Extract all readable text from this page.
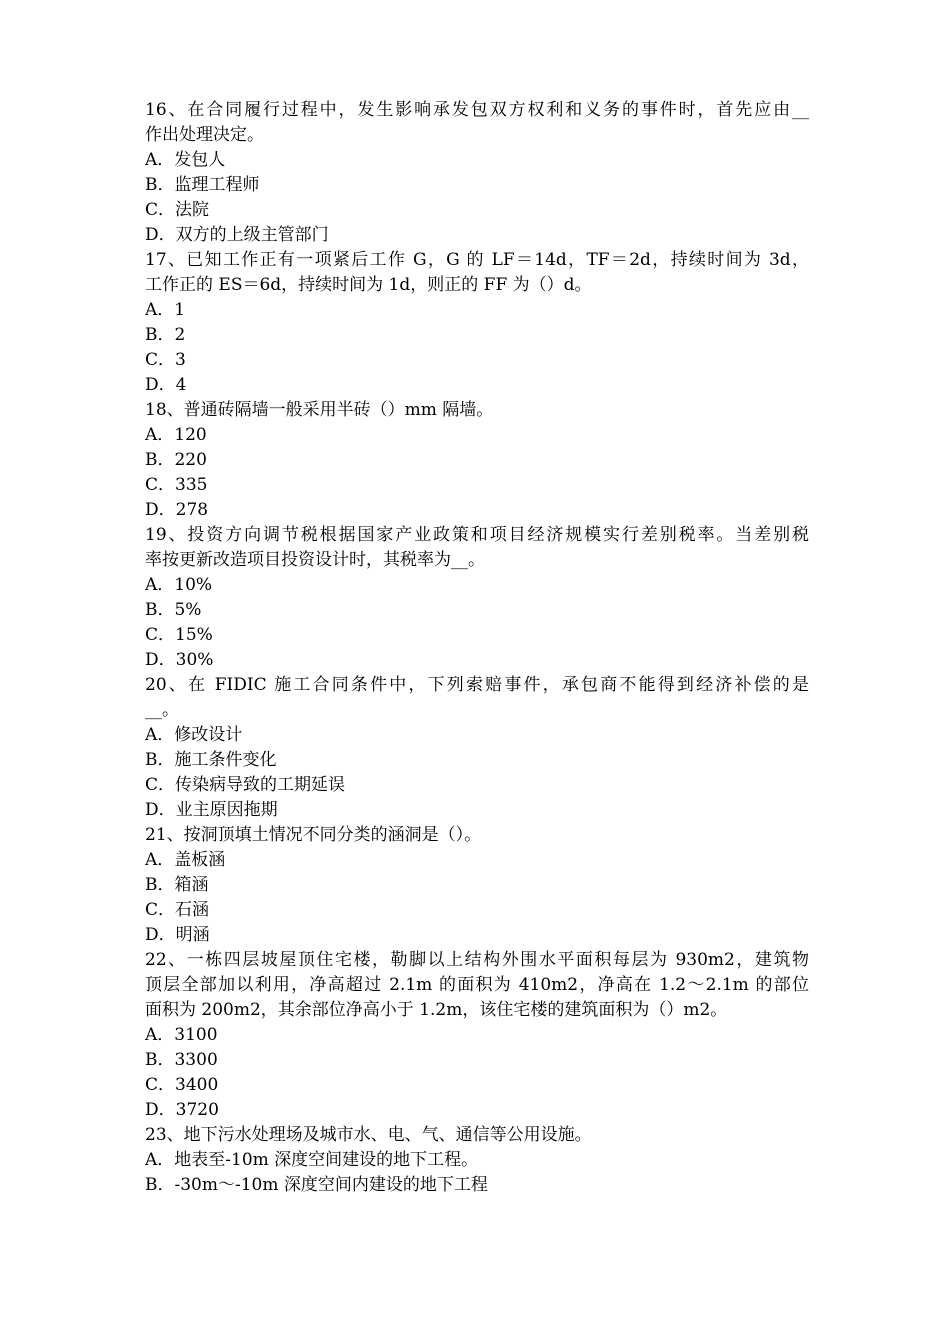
16、在合同履行过程中，发生影响承发包双方权利和义务的事件时，首先应由__
作出处理决定。
A．发包人
B．监理工程师
C．法院
D．双方的上级主管部门
17、已知工作正有一项紧后工作 G，G 的 LF＝14d，TF＝2d，持续时间为 3d，
工作正的 ES＝6d，持续时间为 1d，则正的 FF 为（）d。
A．1
B．2
C．3
D．4
18、普通砖隔墙一般采用半砖（）mm 隔墙。
A．120
B．220
C．335
D．278
19、投资方向调节税根据国家产业政策和项目经济规模实行差别税率。当差别税
率按更新改造项目投资设计时，其税率为__。
A．10%
B．5%
C．15%
D．30%
20、在 FIDIC 施工合同条件中，下列索赔事件，承包商不能得到经济补偿的是
__。
A．修改设计
B．施工条件变化
C．传染病导致的工期延误
D．业主原因拖期
21、按洞顶填土情况不同分类的涵洞是（）。
A．盖板涵
B．箱涵
C．石涵
D．明涵
22、一栋四层坡屋顶住宅楼，勒脚以上结构外围水平面积每层为 930m2，建筑物
顶层全部加以利用，净高超过 2.1m 的面积为 410m2，净高在 1.2～2.1m 的部位
面积为 200m2，其余部位净高小于 1.2m，该住宅楼的建筑面积为（）m2。
A．3100
B．3300
C．3400
D．3720
23、地下污水处理场及城市水、电、气、通信等公用设施。
A．地表至-10m 深度空间建设的地下工程。
B．-30m～-10m 深度空间内建设的地下工程
